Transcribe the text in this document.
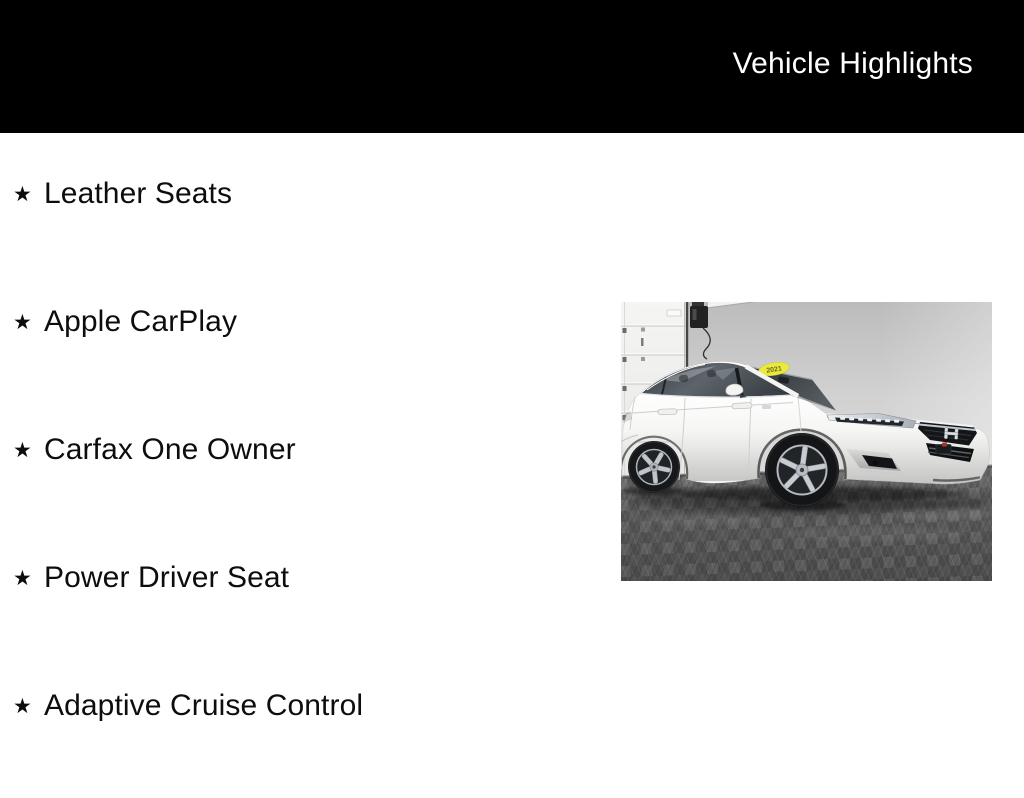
Vehicle Highlights
★ Leather Seats
★ Apple CarPlay
★ Carfax One Owner
★ Power Driver Seat
★ Adaptive Cruise Control
2021
